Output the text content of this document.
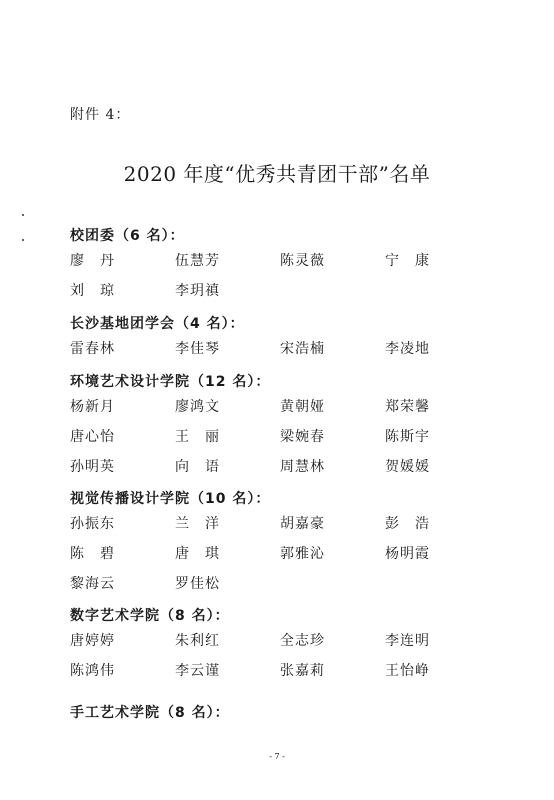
附件 4：
2020 年度“优秀共青团干部”名单
校团委（6 名）：
廖　丹	伍慧芳	陈灵薇	宁　康
刘　琼	李玥禛
长沙基地团学会（4 名）：
雷春林	李佳琴	宋浩楠	李凌地
环境艺术设计学院（12 名）：
杨新月	廖鸿文	黄朝娅	郑荣馨
唐心怡	王　丽	梁婉春	陈斯宇
孙明英	向　语	周慧林	贺媛媛
视觉传播设计学院（10 名）：
孙振东	兰　洋	胡嘉豪	彭　浩
陈　碧	唐　琪	郭雅沁	杨明霞
黎海云	罗佳松
数字艺术学院（8 名）：
唐婷婷	朱利红	全志珍	李连明
陈鸿伟	李云谨	张嘉莉	王怡峥
手工艺术学院（8 名）：
- 7 -
